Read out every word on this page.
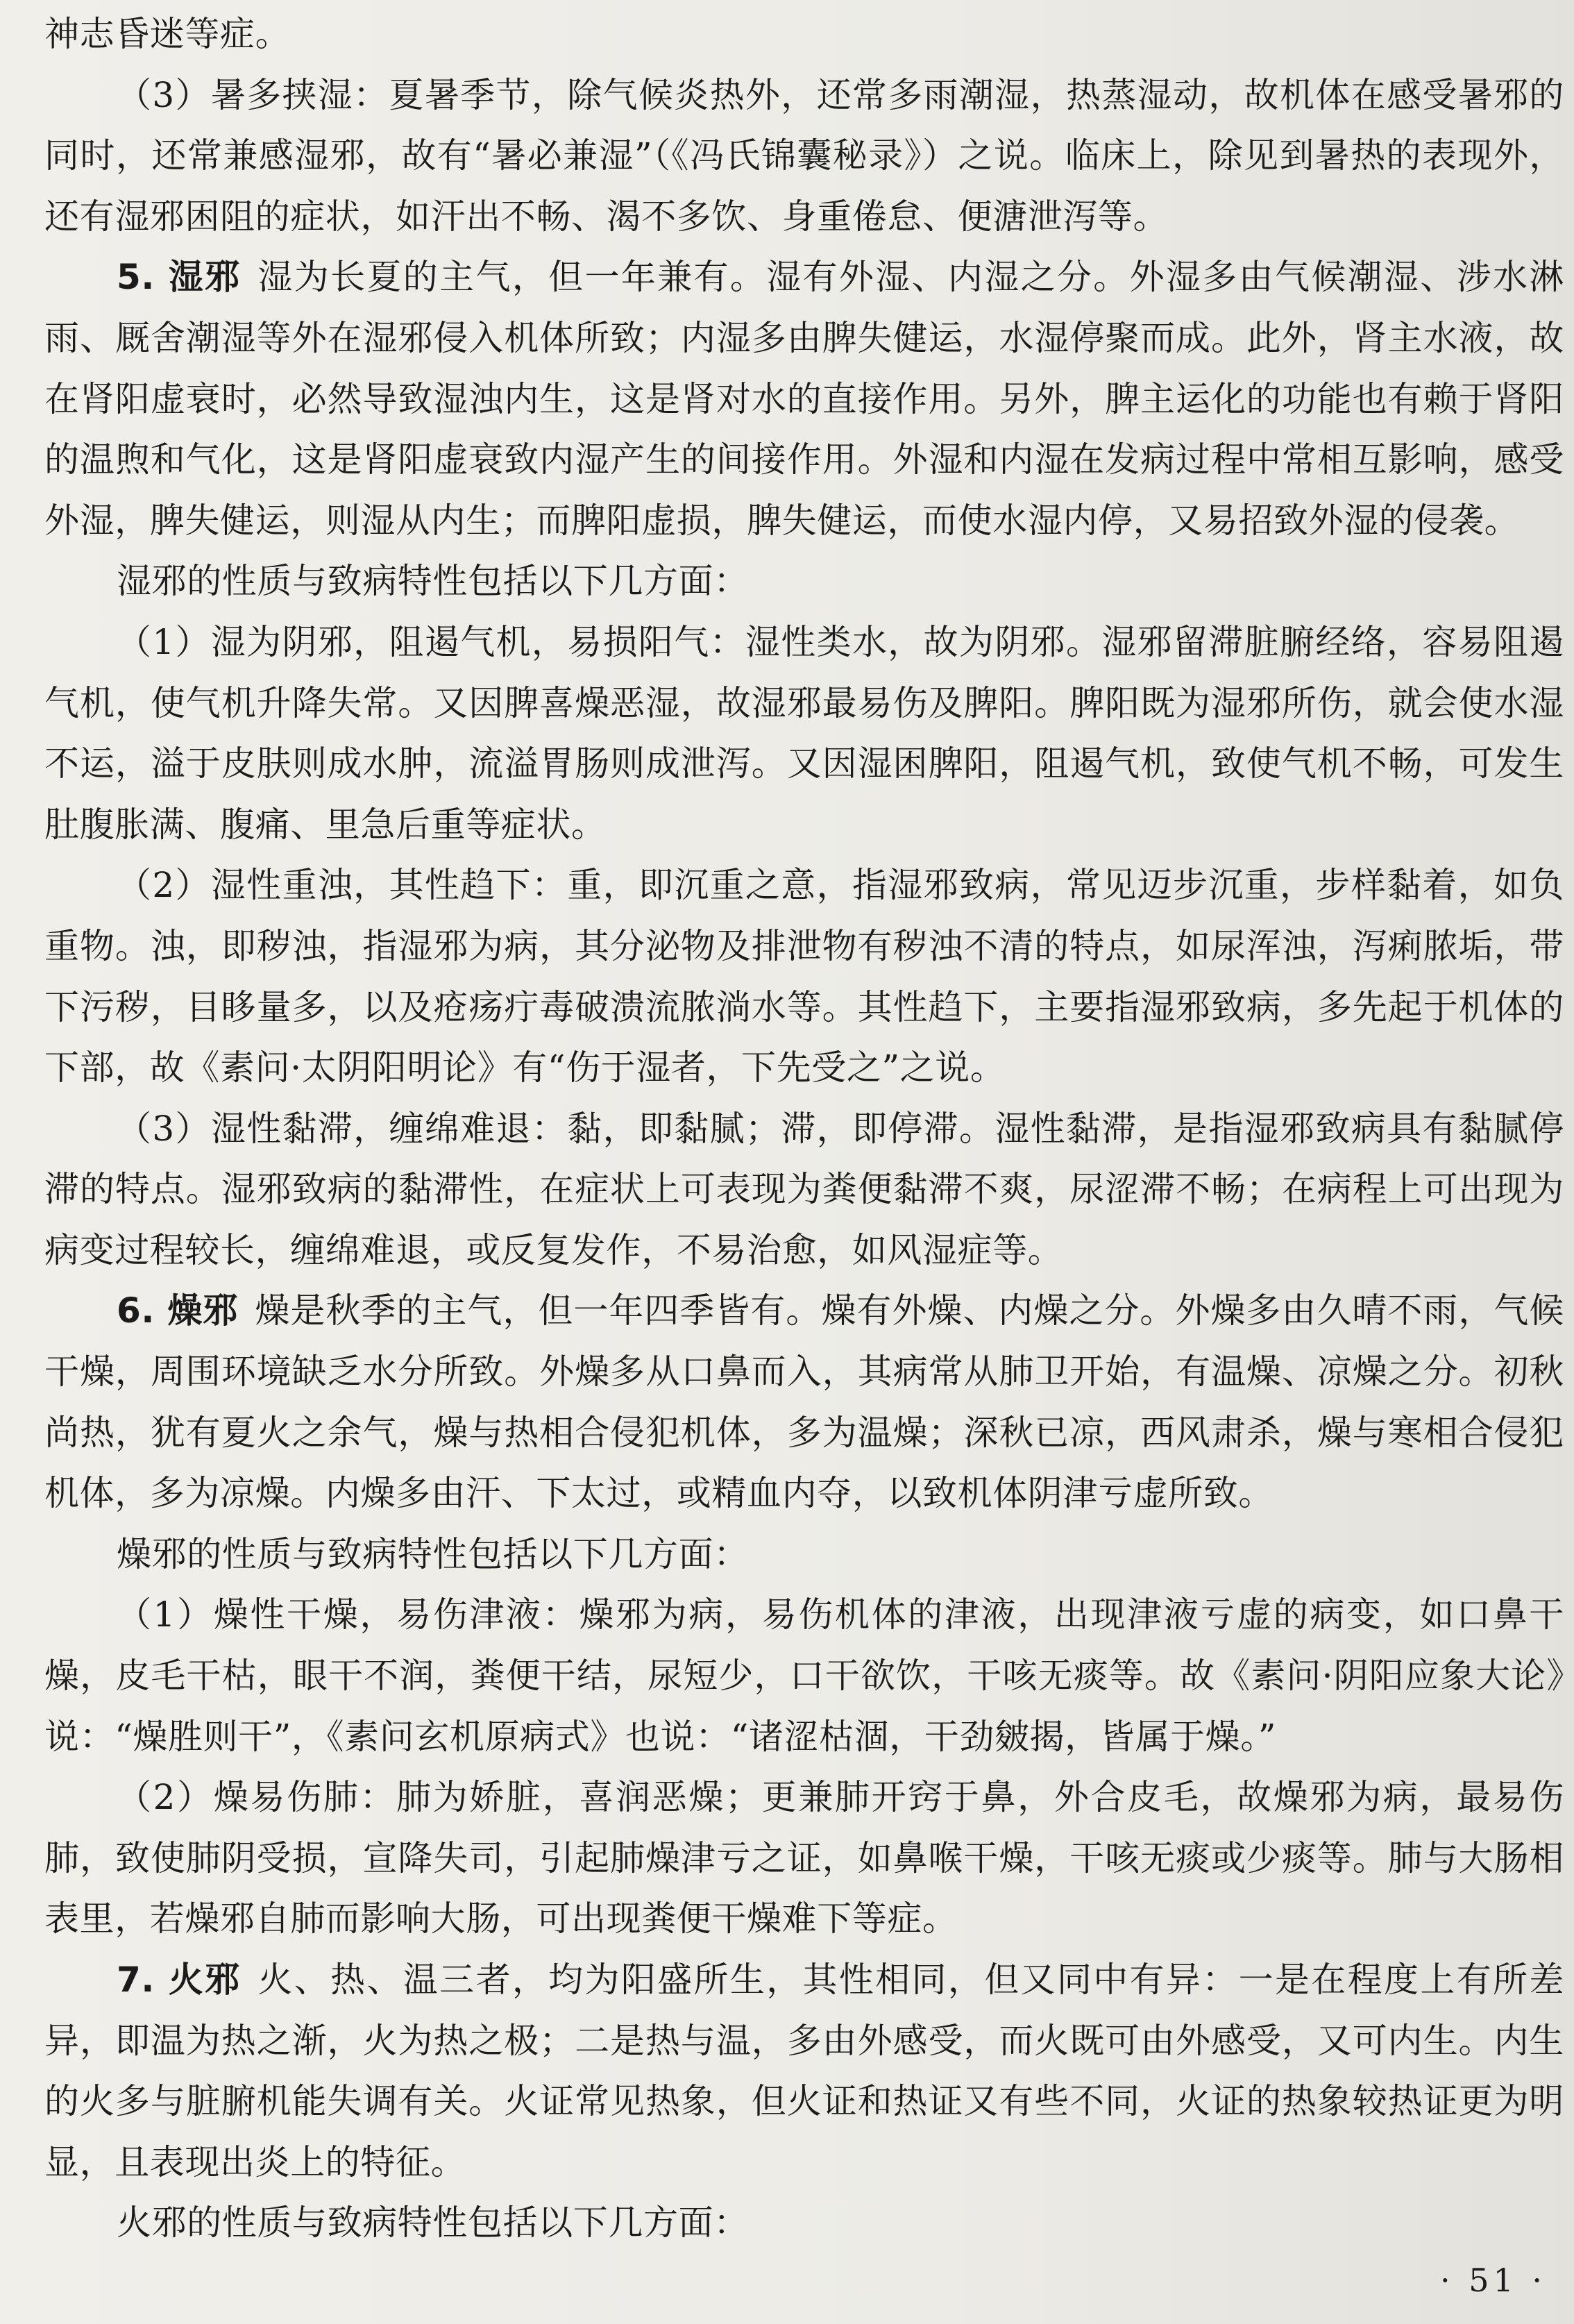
神志昏迷等症。

（3）暑多挟湿：夏暑季节，除气候炎热外，还常多雨潮湿，热蒸湿动，故机体在感受暑邪的同时，还常兼感湿邪，故有“暑必兼湿”（《冯氏锦囊秘录》）之说。临床上，除见到暑热的表现外，还有湿邪困阻的症状，如汗出不畅、渴不多饮、身重倦怠、便溏泄泻等。

5. 湿邪 湿为长夏的主气，但一年兼有。湿有外湿、内湿之分。外湿多由气候潮湿、涉水淋雨、厩舍潮湿等外在湿邪侵入机体所致；内湿多由脾失健运，水湿停聚而成。此外，肾主水液，故在肾阳虚衰时，必然导致湿浊内生，这是肾对水的直接作用。另外，脾主运化的功能也有赖于肾阳的温煦和气化，这是肾阳虚衰致内湿产生的间接作用。外湿和内湿在发病过程中常相互影响，感受外湿，脾失健运，则湿从内生；而脾阳虚损，脾失健运，而使水湿内停，又易招致外湿的侵袭。

湿邪的性质与致病特性包括以下几方面：

（1）湿为阴邪，阻遏气机，易损阳气：湿性类水，故为阴邪。湿邪留滞脏腑经络，容易阻遏气机，使气机升降失常。又因脾喜燥恶湿，故湿邪最易伤及脾阳。脾阳既为湿邪所伤，就会使水湿不运，溢于皮肤则成水肿，流溢胃肠则成泄泻。又因湿困脾阳，阻遏气机，致使气机不畅，可发生肚腹胀满、腹痛、里急后重等症状。

（2）湿性重浊，其性趋下：重，即沉重之意，指湿邪致病，常见迈步沉重，步样黏着，如负重物。浊，即秽浊，指湿邪为病，其分泌物及排泄物有秽浊不清的特点，如尿浑浊，泻痢脓垢，带下污秽，目眵量多，以及疮疡疔毒破溃流脓淌水等。其性趋下，主要指湿邪致病，多先起于机体的下部，故《素问·太阴阳明论》有“伤于湿者，下先受之”之说。

（3）湿性黏滞，缠绵难退：黏，即黏腻；滞，即停滞。湿性黏滞，是指湿邪致病具有黏腻停滞的特点。湿邪致病的黏滞性，在症状上可表现为粪便黏滞不爽，尿涩滞不畅；在病程上可出现为病变过程较长，缠绵难退，或反复发作，不易治愈，如风湿症等。

6. 燥邪 燥是秋季的主气，但一年四季皆有。燥有外燥、内燥之分。外燥多由久晴不雨，气候干燥，周围环境缺乏水分所致。外燥多从口鼻而入，其病常从肺卫开始，有温燥、凉燥之分。初秋尚热，犹有夏火之余气，燥与热相合侵犯机体，多为温燥；深秋已凉，西风肃杀，燥与寒相合侵犯机体，多为凉燥。内燥多由汗、下太过，或精血内夺，以致机体阴津亏虚所致。

燥邪的性质与致病特性包括以下几方面：

（1）燥性干燥，易伤津液：燥邪为病，易伤机体的津液，出现津液亏虚的病变，如口鼻干燥，皮毛干枯，眼干不润，粪便干结，尿短少，口干欲饮，干咳无痰等。故《素问·阴阳应象大论》说：“燥胜则干”，《素问玄机原病式》也说：“诸涩枯涸，干劲皴揭，皆属于燥。”

（2）燥易伤肺：肺为娇脏，喜润恶燥；更兼肺开窍于鼻，外合皮毛，故燥邪为病，最易伤肺，致使肺阴受损，宣降失司，引起肺燥津亏之证，如鼻喉干燥，干咳无痰或少痰等。肺与大肠相表里，若燥邪自肺而影响大肠，可出现粪便干燥难下等症。

7. 火邪 火、热、温三者，均为阳盛所生，其性相同，但又同中有异：一是在程度上有所差异，即温为热之渐，火为热之极；二是热与温，多由外感受，而火既可由外感受，又可内生。内生的火多与脏腑机能失调有关。火证常见热象，但火证和热证又有些不同，火证的热象较热证更为明显，且表现出炎上的特征。

火邪的性质与致病特性包括以下几方面：

· 51 ·
